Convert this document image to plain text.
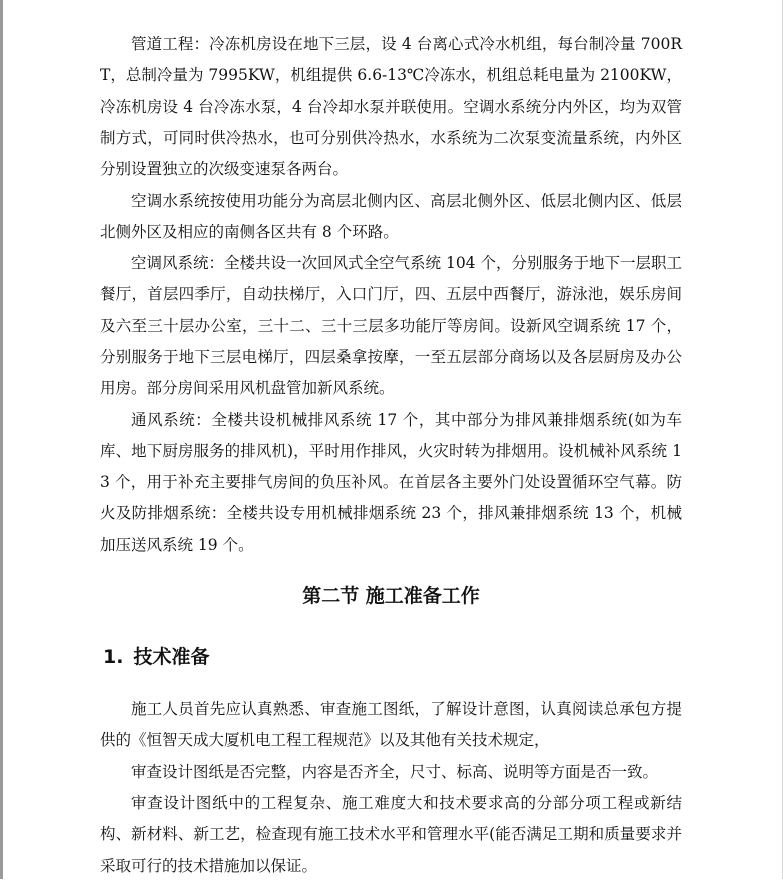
管道工程：冷冻机房设在地下三层，设 4 台离心式冷水机组，每台制冷量 700RT，总制冷量为 7995KW，机组提供 6.6-13℃冷冻水，机组总耗电量为 2100KW，冷冻机房设 4 台冷冻水泵，4 台冷却水泵并联使用。空调水系统分内外区，均为双管制方式，可同时供冷热水，也可分别供冷热水，水系统为二次泵变流量系统，内外区分别设置独立的次级变速泵各两台。

空调水系统按使用功能分为高层北侧内区、高层北侧外区、低层北侧内区、低层北侧外区及相应的南侧各区共有 8 个环路。

空调风系统：全楼共设一次回风式全空气系统 104 个，分别服务于地下一层职工餐厅，首层四季厅，自动扶梯厅，入口门厅，四、五层中西餐厅，游泳池，娱乐房间及六至三十层办公室，三十二、三十三层多功能厅等房间。设新风空调系统 17 个，分别服务于地下三层电梯厅，四层桑拿按摩，一至五层部分商场以及各层厨房及办公用房。部分房间采用风机盘管加新风系统。

通风系统：全楼共设机械排风系统 17 个，其中部分为排风兼排烟系统(如为车库、地下厨房服务的排风机)，平时用作排风，火灾时转为排烟用。设机械补风系统 13 个，用于补充主要排气房间的负压补风。在首层各主要外门处设置循环空气幕。防火及防排烟系统：全楼共设专用机械排烟系统 23 个，排风兼排烟系统 13 个，机械加压送风系统 19 个。

第二节 施工准备工作
1. 技术准备

施工人员首先应认真熟悉、审查施工图纸，了解设计意图，认真阅读总承包方提供的《恒智天成大厦机电工程工程规范》以及其他有关技术规定，

审查设计图纸是否完整，内容是否齐全，尺寸、标高、说明等方面是否一致。

审查设计图纸中的工程复杂、施工难度大和技术要求高的分部分项工程或新结构、新材料、新工艺，检查现有施工技术水平和管理水平(能否满足工期和质量要求并采取可行的技术措施加以保证。
